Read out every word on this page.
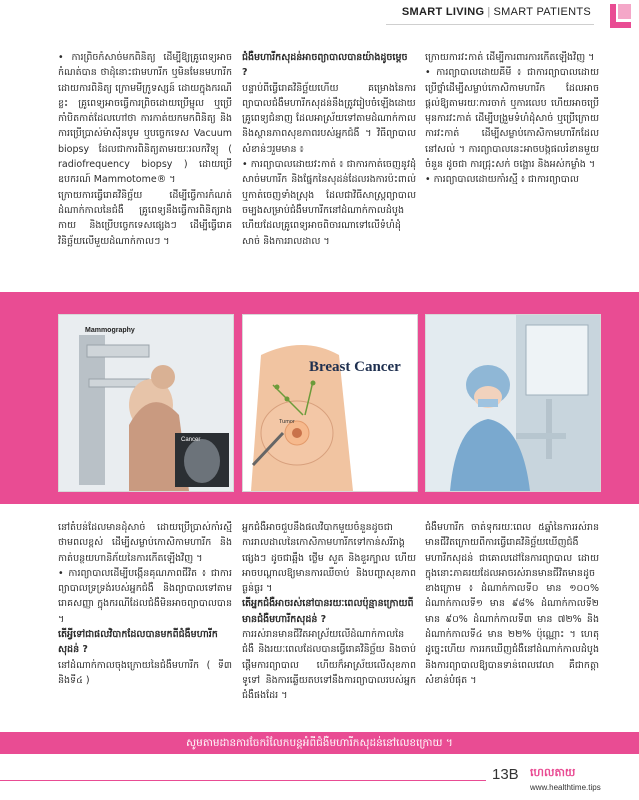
SMART LIVING | SMART PATIENTS

• ការព្រិចកំសាច់មកពិនិត្យ ដើម្បីឱ្យគ្រូពេទ្យអាចកំណត់បាន ថាដុំនោះជាមហារីក ឬមិនមែនមហារីក ដោយការពិនិត្យ ក្រោមមីក្រូទស្សន៍ ដោយក្នុងករណីខ្លះ គ្រូពេទ្យអាចធ្វើការព្រិចដោយប្រើម្ជុល ឬប្រើកាំបិតកាត់ដែលហៅថា ការកាត់យកមកពិនិត្យ និងការប្រើប្រាស់ម៉ាស៊ីនបូម ឬបច្ចេកទេស Vacuum biopsy ដែលជាការពិនិត្យតាមរយៈរលកវិទ្យុ ( radiofrequency biopsy ) ដោយប្រើឧបករណ៍ Mammotome® ។

ក្រោយការធ្វើរោគវិនិច្ឆ័យ ដើម្បីធ្វើការកំណត់ដំណាក់កាលនៃជំងឺ គ្រូពេទ្យនឹងធ្វើការពិនិត្យរាងកាយ និងប្រើបច្ចេកទេសផ្សេងៗ ដើម្បីធ្វើរោគវិនិច្ឆ័យលើមួយដំណាក់កាលៗ ។

ជំងឺមហារីកសុដន់អាចព្យាបាលបានយ៉ាងដូចម្តេច ?

បន្ទាប់ពីធ្វើរោគវិនិច្ឆ័យហើយ គម្រោងនៃការព្យាបាលជំងឺមហារីកសុដន់នឹងត្រូវរៀបចំឡើងដោយគ្រូពេទ្យជំនាញ ដែលអាស្រ័យទៅតាមដំណាក់កាល និងស្ថានភាពសុខភាពរបស់អ្នកជំងឺ ។ វិធីព្យាបាលសំខាន់ៗរួមមាន ៖

• ការព្យាបាលដោយវះកាត់ ៖ ជាការកាត់ចេញនូវដុំសាច់មហារីក និងផ្នែកនៃសុដន់ដែលរងការប៉ះពាល់ ឬកាត់ចេញទាំងស្រុង ដែលជាវិធីសាស្ត្រព្យាបាលចម្បងសម្រាប់ជំងឺមហារីកនៅដំណាក់កាលដំបូង ហើយដែលគ្រូពេទ្យអាចពិចារណាទៅលើទំហំដុំសាច់ និងការរាលដាល ។

ក្រោយការវះកាត់ ដើម្បីការពារការកើតឡើងវិញ ។

• ការព្យាបាលដោយគីមី ៖ ជាការព្យាបាលដោយប្រើថ្នាំដើម្បីសម្លាប់កោសិកាមហារីក ដែលអាចផ្តល់ឱ្យតាមរយៈការចាក់ ឬការលេប ហើយអាចប្រើមុនការវះកាត់ ដើម្បីបង្រួមទំហំដុំសាច់ ឬប្រើក្រោយការវះកាត់ ដើម្បីសម្លាប់កោសិកាមហារីកដែលនៅសល់ ។ ការព្យាបាលនេះអាចបង្កផលរំខានមួយចំនួន ដូចជា ការជ្រុះសក់ ចង្អោរ និងអស់កម្លាំង ។

• ការព្យាបាលដោយកាំរស្មី ៖ ជាការព្យាបាល

Mammography
Cancer
Breast Cancer
Tumor

នៅតំបន់ដែលមានដុំសាច់ ដោយប្រើប្រាស់កាំរស្មីថាមពលខ្ពស់ ដើម្បីសម្លាប់កោសិកាមហារីក និងកាត់បន្ថយហានិភ័យនៃការកើតឡើងវិញ ។

• ការព្យាបាលដើម្បីបង្កើនគុណភាពជីវិត ៖ ជាការព្យាបាលទ្រទ្រង់របស់អ្នកជំងឺ និងព្យាបាលទៅតាមរោគសញ្ញា ក្នុងករណីដែលជំងឺមិនអាចព្យាបាលបាន ។

តើអ្វីទៅជាផលវិបាកដែលបានមកពីជំងឺមហារីកសុដន់ ?

នៅដំណាក់កាលចុងក្រោយនៃជំងឺមហារីក ( ទី៣ និងទី៤ )

អ្នកជំងឺអាចជួបនឹងផលវិបាកមួយចំនួនដូចជា ការរាលដាលនៃកោសិកាមហារីកទៅកាន់សរីរាង្គផ្សេងៗ ដូចជាឆ្អឹង ថ្លើម សួត និងខួរក្បាល ហើយអាចបណ្តាលឱ្យមានការឈឺចាប់ និងបញ្ហាសុខភាពធ្ងន់ធ្ងរ ។

តើអ្នកជំងឺអាចរស់នៅបានរយៈពេលប៉ុន្មានក្រោយពីមានជំងឺមហារីកសុដន់ ?

ការរស់រានមានជីវិតអាស្រ័យលើដំណាក់កាលនៃជំងឺ និងរយៈពេលដែលបានធ្វើរោគវិនិច្ឆ័យ និងចាប់ផ្តើមការព្យាបាល ហើយក៏អាស្រ័យលើសុខភាពទូទៅ និងការឆ្លើយតបទៅនឹងការព្យាបាលរបស់អ្នកជំងឺផងដែរ ។

ជំងឺមហារីក ចាត់ទុករយៈពេល ៥ឆ្នាំនៃការរស់រានមានជីវិតក្រោយពីការធ្វើរោគវិនិច្ឆ័យឃើញជំងឺមហារីកសុដន់ ជាគោលដៅនៃការព្យាបាល ដោយក្នុងនោះភាគរយដែលអាចរស់រានមានជីវិតមានដូចខាងក្រោម ៖ ដំណាក់កាលទី០ មាន ១០០% ដំណាក់កាលទី១ មាន ៩៨% ដំណាក់កាលទី២ មាន ៩០% ដំណាក់កាលទី៣ មាន ៧២% និងដំណាក់កាលទី៤ មាន ២២% ប៉ុណ្ណោះ ។ ហេតុដូច្នេះហើយ ការរកឃើញជំងឺនៅដំណាក់កាលដំបូង និងការព្យាបាលឱ្យបានទាន់ពេលវេលា គឺជាកត្តាសំខាន់បំផុត ។

សូមតាមដានការចែករំលែកបន្តអំពីជំងឺមហារីកសុដន់នៅលេខក្រោយ ។
13B ហេលតាយ
www.healthtime.tips
